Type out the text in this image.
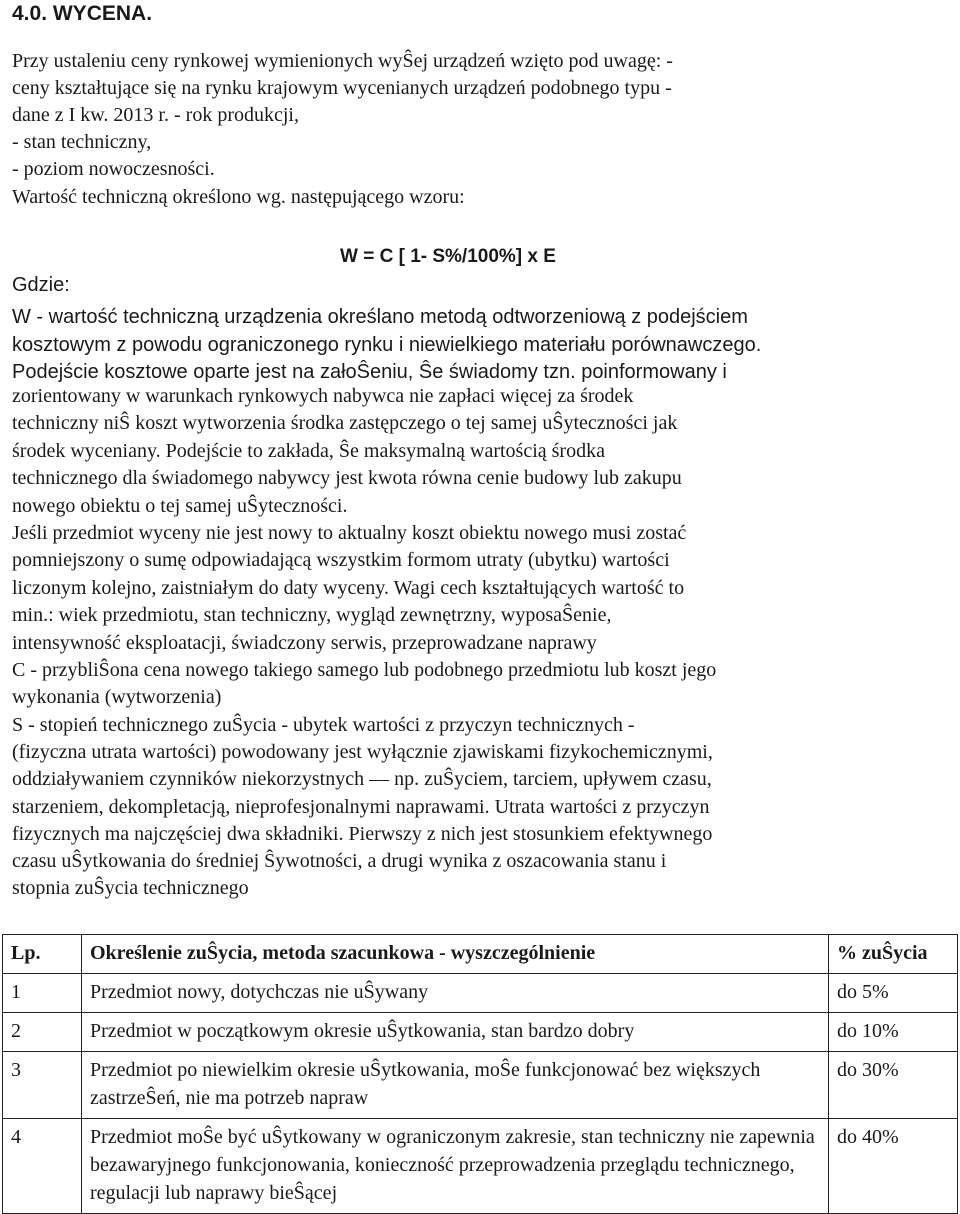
4.0. WYCENA.
Przy ustaleniu ceny rynkowej wymienionych wyŜej urządzeń wzięto pod uwagę: -
ceny kształtujące się na rynku krajowym wycenianych urządzeń podobnego typu -
dane z I kw. 2013 r. - rok produkcji,
- stan techniczny,
- poziom nowoczesności.
Wartość techniczną określono wg. następującego wzoru:
W = C [ 1- S%/100%] x E
Gdzie:
W - wartość techniczną urządzenia określano metodą odtworzeniową z podejściem
kosztowym z powodu ograniczonego rynku i niewielkiego materiału porównawczego.
Podejście kosztowe oparte jest na załoŜeniu, Ŝe świadomy tzn. poinformowany i
zorientowany w warunkach rynkowych nabywca nie zapłaci więcej za środek
techniczny niŜ koszt wytworzenia środka zastępczego o tej samej uŜyteczności jak
środek wyceniany. Podejście to zakłada, Ŝe maksymalną wartością środka
technicznego dla świadomego nabywcy jest kwota równa cenie budowy lub zakupu
nowego obiektu o tej samej uŜyteczności.
Jeśli przedmiot wyceny nie jest nowy to aktualny koszt obiektu nowego musi zostać
pomniejszony o sumę odpowiadającą wszystkim formom utraty (ubytku) wartości
liczonym kolejno, zaistniałym do daty wyceny. Wagi cech kształtujących wartość to
min.: wiek przedmiotu, stan techniczny, wygląd zewnętrzny, wyposaŜenie,
intensywność eksploatacji, świadczony serwis, przeprowadzane naprawy
C - przybliŜona cena nowego takiego samego lub podobnego przedmiotu lub koszt jego
wykonania (wytworzenia)
S - stopień technicznego zuŜycia - ubytek wartości z przyczyn technicznych -
(fizyczna utrata wartości) powodowany jest wyłącznie zjawiskami fizykochemicznymi,
oddziaływaniem czynników niekorzystnych — np. zuŜyciem, tarciem, upływem czasu,
starzeniem, dekompletacją, nieprofesjonalnymi naprawami. Utrata wartości z przyczyn
fizycznych ma najczęściej dwa składniki. Pierwszy z nich jest stosunkiem efektywnego
czasu uŜytkowania do średniej Ŝywotności, a drugi wynika z oszacowania stanu i
stopnia zuŜycia technicznego
Lp.	Określenie zuŜycia, metoda szacunkowa - wyszczególnienie	% zuŜycia
1	Przedmiot nowy, dotychczas nie uŜywany	do 5%
2	Przedmiot w początkowym okresie uŜytkowania, stan bardzo dobry	do 10%
3	Przedmiot po niewielkim okresie uŜytkowania, moŜe funkcjonować bez większych zastrzeŜeń, nie ma potrzeb napraw	do 30%
4	Przedmiot moŜe być uŜytkowany w ograniczonym zakresie, stan techniczny nie zapewnia bezawaryjnego funkcjonowania, konieczność przeprowadzenia przeglądu technicznego, regulacji lub naprawy bieŜącej	do 40%
